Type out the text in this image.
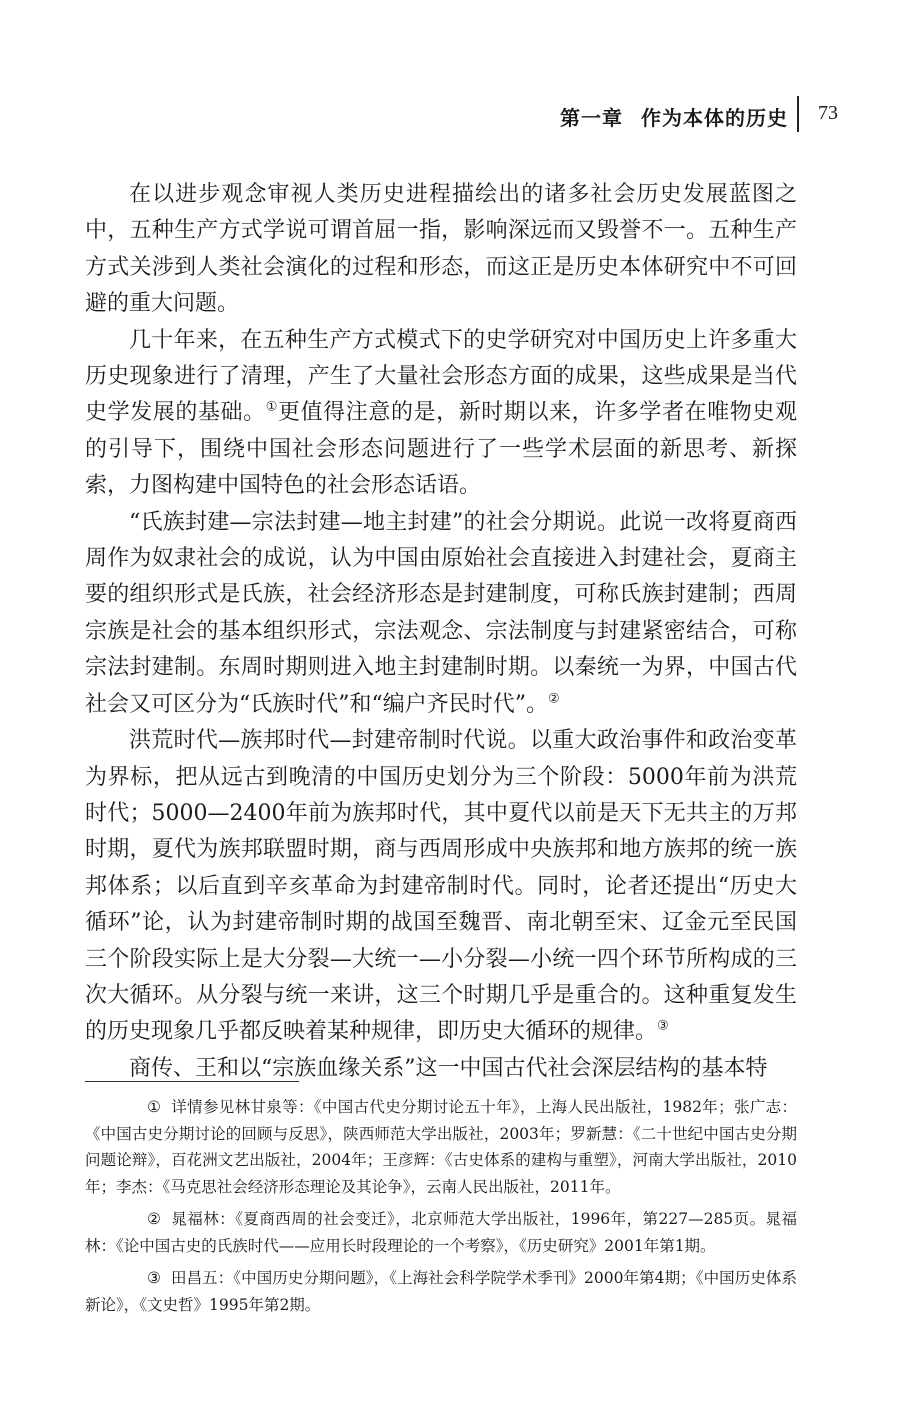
第一章 作为本体的历史 73

在以进步观念审视人类历史进程描绘出的诸多社会历史发展蓝图之中，五种生产方式学说可谓首屈一指，影响深远而又毁誉不一。五种生产方式关涉到人类社会演化的过程和形态，而这正是历史本体研究中不可回避的重大问题。

几十年来，在五种生产方式模式下的史学研究对中国历史上许多重大历史现象进行了清理，产生了大量社会形态方面的成果，这些成果是当代史学发展的基础。①更值得注意的是，新时期以来，许多学者在唯物史观的引导下，围绕中国社会形态问题进行了一些学术层面的新思考、新探索，力图构建中国特色的社会形态话语。

“氏族封建—宗法封建—地主封建”的社会分期说。此说一改将夏商西周作为奴隶社会的成说，认为中国由原始社会直接进入封建社会，夏商主要的组织形式是氏族，社会经济形态是封建制度，可称氏族封建制；西周宗族是社会的基本组织形式，宗法观念、宗法制度与封建紧密结合，可称宗法封建制。东周时期则进入地主封建制时期。以秦统一为界，中国古代社会又可区分为“氏族时代”和“编户齐民时代”。②

洪荒时代—族邦时代—封建帝制时代说。以重大政治事件和政治变革为界标，把从远古到晚清的中国历史划分为三个阶段：5000年前为洪荒时代；5000—2400年前为族邦时代，其中夏代以前是天下无共主的万邦时期，夏代为族邦联盟时期，商与西周形成中央族邦和地方族邦的统一族邦体系；以后直到辛亥革命为封建帝制时代。同时，论者还提出“历史大循环”论，认为封建帝制时期的战国至魏晋、南北朝至宋、辽金元至民国三个阶段实际上是大分裂—大统一—小分裂—小统一四个环节所构成的三次大循环。从分裂与统一来讲，这三个时期几乎是重合的。这种重复发生的历史现象几乎都反映着某种规律，即历史大循环的规律。③

商传、王和以“宗族血缘关系”这一中国古代社会深层结构的基本特

① 详情参见林甘泉等：《中国古代史分期讨论五十年》，上海人民出版社，1982年；张广志：《中国古史分期讨论的回顾与反思》，陕西师范大学出版社，2003年；罗新慧：《二十世纪中国古史分期问题论辩》，百花洲文艺出版社，2004年；王彦辉：《古史体系的建构与重塑》，河南大学出版社，2010年；李杰：《马克思社会经济形态理论及其论争》，云南人民出版社，2011年。

② 晁福林：《夏商西周的社会变迁》，北京师范大学出版社，1996年，第227—285页。晁福林：《论中国古史的氏族时代——应用长时段理论的一个考察》，《历史研究》2001年第1期。

③ 田昌五：《中国历史分期问题》，《上海社会科学院学术季刊》2000年第4期；《中国历史体系新论》，《文史哲》1995年第2期。
